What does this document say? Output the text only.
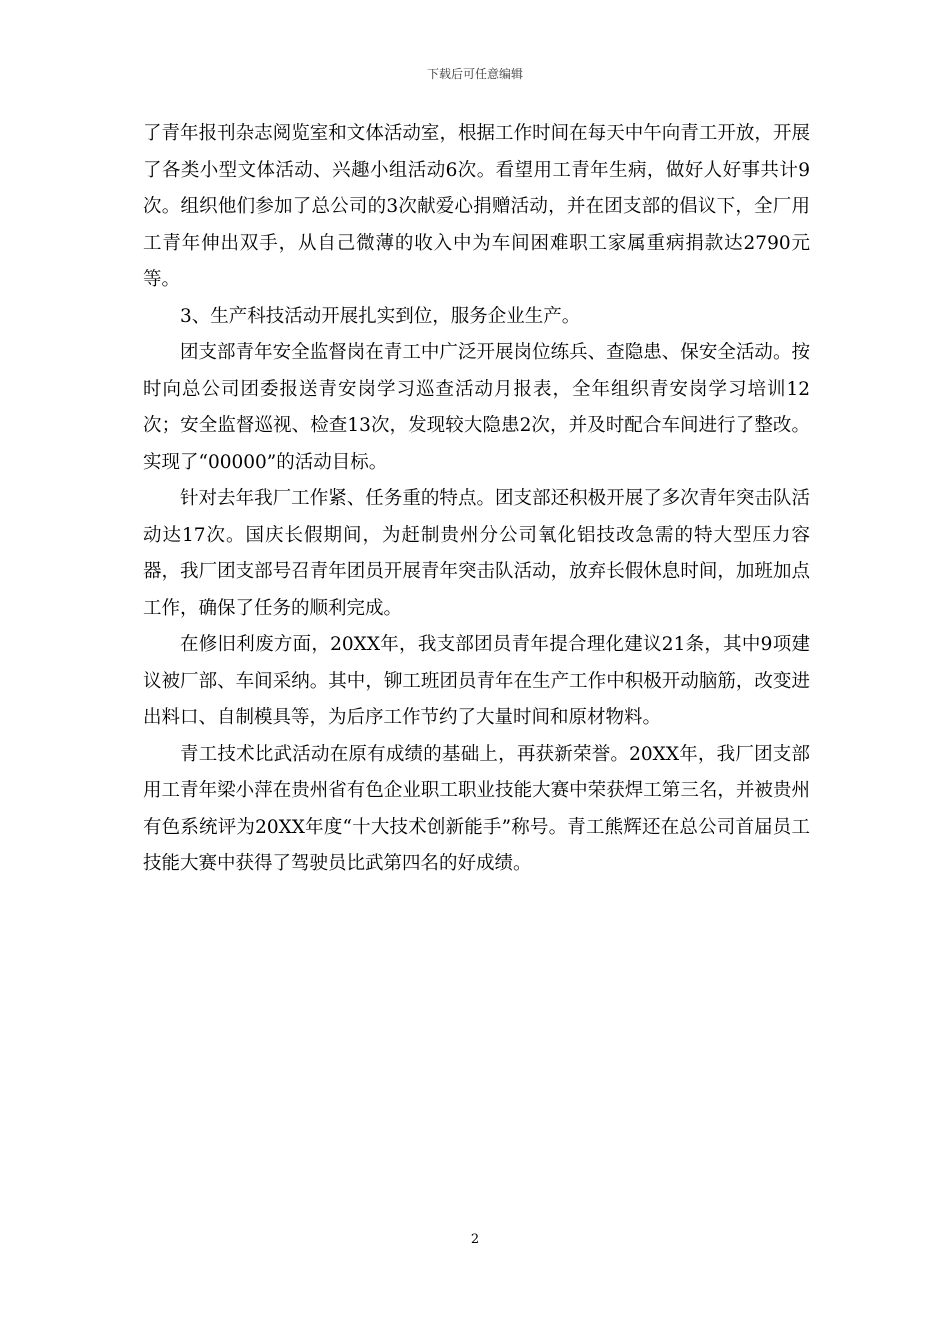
下载后可任意编辑

了青年报刊杂志阅览室和文体活动室，根据工作时间在每天中午向青工开放，开展了各类小型文体活动、兴趣小组活动6次。看望用工青年生病，做好人好事共计9次。组织他们参加了总公司的3次献爱心捐赠活动，并在团支部的倡议下，全厂用工青年伸出双手，从自己微薄的收入中为车间困难职工家属重病捐款达2790元等。

3、生产科技活动开展扎实到位，服务企业生产。

团支部青年安全监督岗在青工中广泛开展岗位练兵、查隐患、保安全活动。按时向总公司团委报送青安岗学习巡查活动月报表，全年组织青安岗学习培训12次；安全监督巡视、检查13次，发现较大隐患2次，并及时配合车间进行了整改。实现了“00000”的活动目标。

针对去年我厂工作紧、任务重的特点。团支部还积极开展了多次青年突击队活动达17次。国庆长假期间，为赶制贵州分公司氧化铝技改急需的特大型压力容器，我厂团支部号召青年团员开展青年突击队活动，放弃长假休息时间，加班加点工作，确保了任务的顺利完成。

在修旧利废方面，20XX年，我支部团员青年提合理化建议21条，其中9项建议被厂部、车间采纳。其中，铆工班团员青年在生产工作中积极开动脑筋，改变进出料口、自制模具等，为后序工作节约了大量时间和原材物料。

青工技术比武活动在原有成绩的基础上，再获新荣誉。20XX年，我厂团支部用工青年梁小萍在贵州省有色企业职工职业技能大赛中荣获焊工第三名，并被贵州有色系统评为20XX年度“十大技术创新能手”称号。青工熊辉还在总公司首届员工技能大赛中获得了驾驶员比武第四名的好成绩。

2
